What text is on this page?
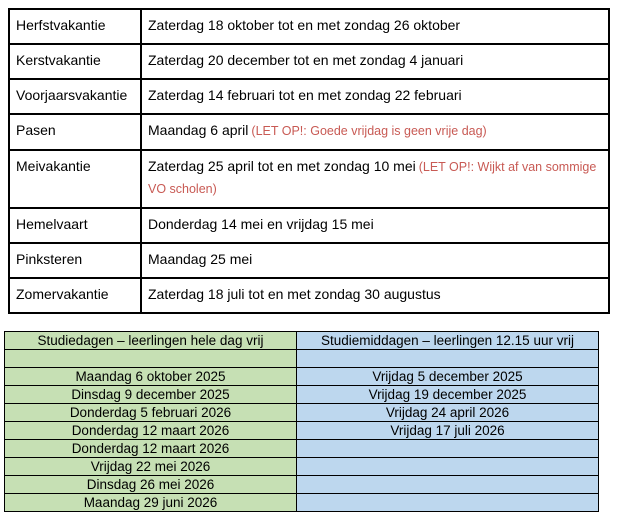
Herfstvakantie	Zaterdag 18 oktober tot en met zondag 26 oktober
Kerstvakantie	Zaterdag 20 december tot en met zondag 4 januari
Voorjaarsvakantie	Zaterdag 14 februari tot en met zondag 22 februari
Pasen	Maandag 6 april (LET OP!: Goede vrijdag is geen vrije dag)
Meivakantie	Zaterdag 25 april tot en met zondag 10 mei (LET OP!: Wijkt af van sommige VO scholen)
Hemelvaart	Donderdag 14 mei en vrijdag 15 mei
Pinksteren	Maandag 25 mei
Zomervakantie	Zaterdag 18 juli tot en met zondag 30 augustus
Studiedagen – leerlingen hele dag vrij	Studiemiddagen – leerlingen 12.15 uur vrij

Maandag 6 oktober 2025	Vrijdag 5 december 2025
Dinsdag 9 december 2025	Vrijdag 19 december 2025
Donderdag 5 februari 2026	Vrijdag 24 april 2026
Donderdag 12 maart 2026	Vrijdag 17 juli 2026
Donderdag 12 maart 2026	
Vrijdag 22 mei 2026	
Dinsdag 26 mei 2026	
Maandag 29 juni 2026	
